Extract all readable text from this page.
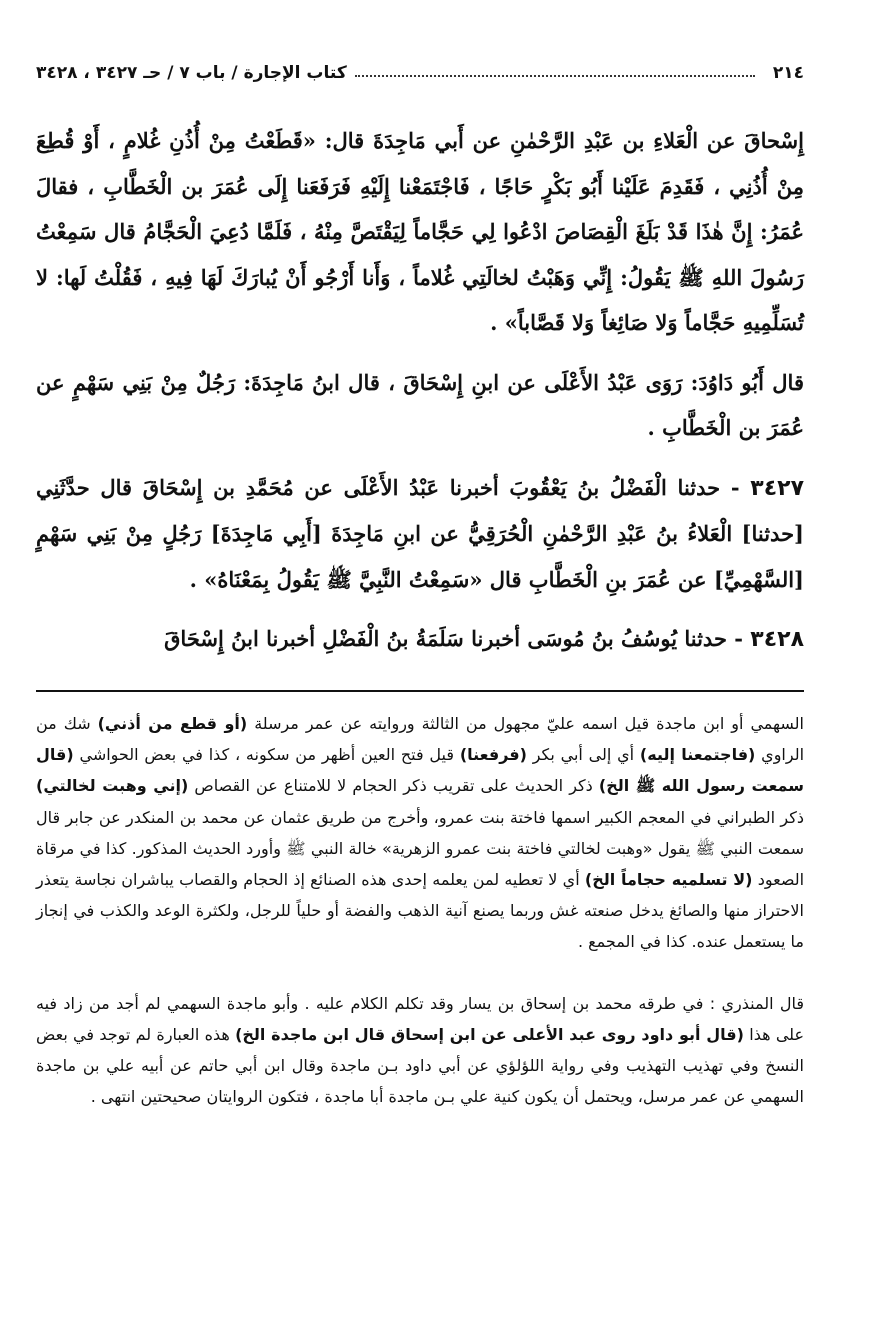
٢١٤
كتاب الإجارة / باب ٧ / حـ ٣٤٢٧ ، ٣٤٢٨

إِسْحاقَ عن الْعَلاءِ بن عَبْدِ الرَّحْمٰنِ عن أَبي مَاجِدَةَ قال: «قَطَعْتُ مِنْ أُذُنِ غُلامٍ ، أَوْ قُطِعَ مِنْ أُذُنِي ، فَقَدِمَ عَلَيْنا أَبُو بَكْرٍ حَاجًا ، فَاجْتَمَعْنا إِلَيْهِ فَرَفَعَنا إِلَى عُمَرَ بن الْخَطَّابِ ، فقالَ عُمَرُ: إِنَّ هٰذَا قَدْ بَلَغَ الْقِصَاصَ ادْعُوا لِي حَجَّاماً لِيَقْتَصَّ مِنْهُ ، فَلَمَّا دُعِيَ الْحَجَّامُ قال سَمِعْتُ رَسُولَ اللهِ ﷺ يَقُولُ: إِنِّي وَهَبْتُ لخالَتِي غُلاماً ، وَأَنا أَرْجُو أَنْ يُبارَكَ لَهَا فِيهِ ، فَقُلْتُ لَها: لا تُسَلِّمِيهِ حَجَّاماً وَلا صَائِغاً وَلا قَصَّاباً» .

قال أَبُو دَاوُدَ: رَوَى عَبْدُ الأَعْلَى عن ابنِ إِسْحَاقَ ، قال ابنُ مَاجِدَةَ: رَجُلٌ مِنْ بَنِي سَهْمٍ عن عُمَرَ بن الْخَطَّابِ .

٣٤٢٧ - حدثنا الْفَضْلُ بنُ يَعْقُوبَ أخبرنا عَبْدُ الأَعْلَى عن مُحَمَّدِ بن إِسْحَاقَ قال حدَّثَنِي [حدثنا] الْعَلاءُ بنُ عَبْدِ الرَّحْمٰنِ الْحُرَقِيُّ عن ابنِ مَاجِدَةَ [أَبِي مَاجِدَةَ] رَجُلٍ مِنْ بَنِي سَهْمٍ [السَّهْمِيِّ] عن عُمَرَ بنِ الْخَطَّابِ قال «سَمِعْتُ النَّبِيَّ ﷺ يَقُولُ بِمَعْنَاهُ» .

٣٤٢٨ - حدثنا يُوسُفُ بنُ مُوسَى أخبرنا سَلَمَةُ بنُ الْفَضْلِ أخبرنا ابنُ إِسْحَاقَ

السهمي أو ابن ماجدة قيل اسمه عليّ مجهول من الثالثة وروايته عن عمر مرسلة (أو قطع من أذني) شك من الراوي (فاجتمعنا إليه) أي إلى أبي بكر (فرفعنا) قيل فتح العين أظهر من سكونه ، كذا في بعض الحواشي (قال سمعت رسول الله ﷺ الخ) ذكر الحديث على تقريب ذكر الحجام لا للامتناع عن القصاص (إني وهبت لخالتي) ذكر الطبراني في المعجم الكبير اسمها فاختة بنت عمرو، وأخرج من طريق عثمان عن محمد بن المنكدر عن جابر قال سمعت النبي ﷺ يقول «وهبت لخالتي فاختة بنت عمرو الزهرية» خالة النبي ﷺ وأورد الحديث المذكور. كذا في مرقاة الصعود (لا تسلميه حجاماً الخ) أي لا تعطيه لمن يعلمه إحدى هذه الصنائع إذ الحجام والقصاب يباشران نجاسة يتعذر الاحتراز منها والصائغ يدخل صنعته غش وربما يصنع آنية الذهب والفضة أو حلياً للرجل، ولكثرة الوعد والكذب في إنجاز ما يستعمل عنده. كذا في المجمع .

قال المنذري : في طرقه محمد بن إسحاق بن يسار وقد تكلم الكلام عليه . وأبو ماجدة السهمي لم أجد من زاد فيه على هذا (قال أبو داود روى عبد الأعلى عن ابن إسحاق قال ابن ماجدة الخ) هذه العبارة لم توجد في بعض النسخ وفي تهذيب التهذيب وفي رواية اللؤلؤي عن أبي داود بـن ماجدة وقال ابن أبي حاتم عن أبيه علي بن ماجدة السهمي عن عمر مرسل، ويحتمل أن يكون كنية علي بـن ماجدة أبا ماجدة ، فتكون الروايتان صحيحتين انتهى .
